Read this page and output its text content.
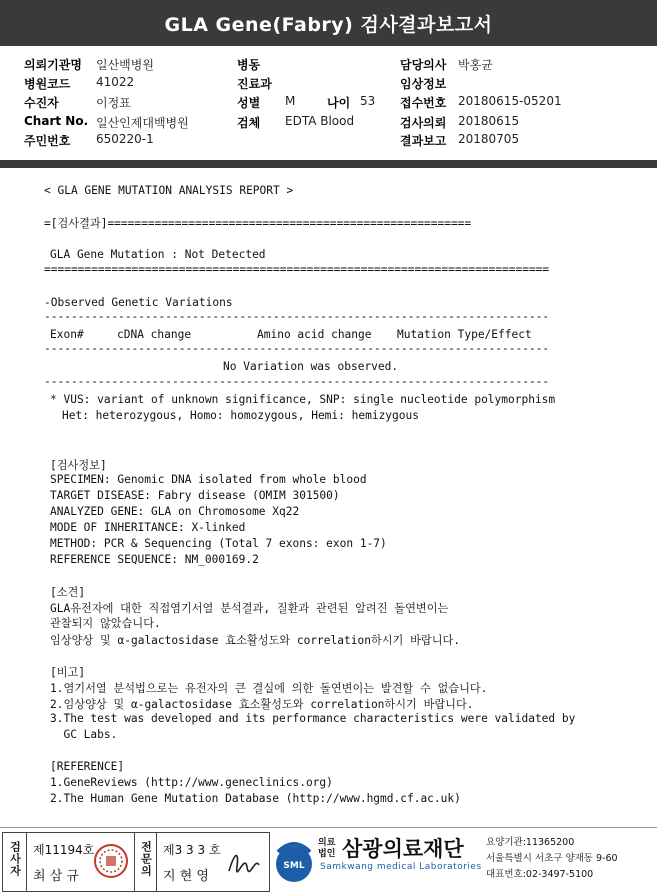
GLA Gene(Fabry) 검사결과보고서
의뢰기관명 일산백병원	병동	담당의사 박홍균
병원코드 41022	진료과	임상정보
수진자	이정표	성별 M	나이 53 접수번호 20180615-05201
Chart No. 일산인제대백병원	검체 EDTA Blood	검사의뢰 20180615
주민번호 650220-1	결과보고 20180705
< GLA GENE MUTATION ANALYSIS REPORT >
=[검사결과]======================================================
GLA Gene Mutation : Not Detected
===========================================================================
-Observed Genetic Variations
---------------------------------------------------------------------------
Exon#	cDNA change	Amino acid change Mutation Type/Effect
---------------------------------------------------------------------------
No Variation was observed.
---------------------------------------------------------------------------
* VUS: variant of unknown significance, SNP: single nucleotide polymorphism
Het: heterozygous, Homo: homozygous, Hemi: hemizygous
[검사정보]
SPECIMEN: Genomic DNA isolated from whole blood
TARGET DISEASE: Fabry disease (OMIM 301500)
ANALYZED GENE: GLA on Chromosome Xq22
MODE OF INHERITANCE: X-linked
METHOD: PCR & Sequencing (Total 7 exons: exon 1-7)
REFERENCE SEQUENCE: NM_000169.2
[소견]
GLA유전자에 대한 직접염기서열 분석결과, 질환과 관련된 알려진 돌연변이는
관찰되지 않았습니다.
임상양상 및 α-galactosidase 효소활성도와 correlation하시기 바랍니다.
[비고]
1.염기서열 분석법으로는 유전자의 큰 결실에 의한 돌연변이는 발견할 수 없습니다.
2.임상양상 및 α-galactosidase 효소활성도와 correlation하시기 바랍니다.
3.The test was developed and its performance characteristics were validated by
GC Labs.
[REFERENCE]
1.GeneReviews (http://www.geneclinics.org)
2.The Human Gene Mutation Database (http://www.hgmd.cf.ac.uk)
검사자 제11194호
최 삼 규	전문의 제3 3 3 호
지 현 영
SML
의료
법인 삼광의료재단
Samkwang medical Laboratories
요양기관:11365200
서울특별시 서초구 양재동 9-60
대표번호:02-3497-5100
